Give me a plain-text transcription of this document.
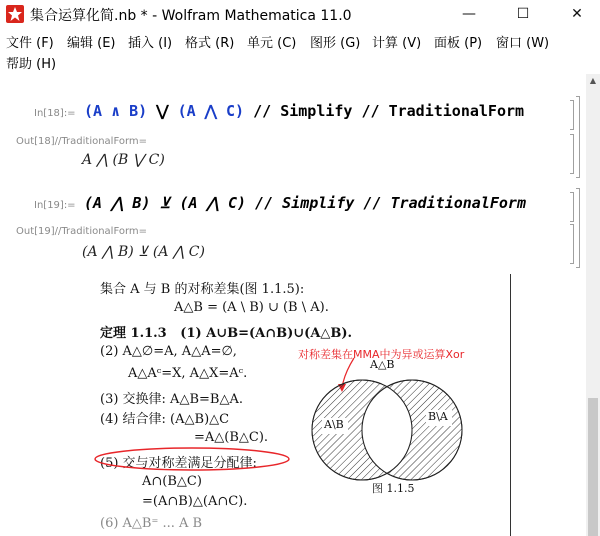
集合运算化简.nb * - Wolfram Mathematica 11.0	—	☐	✕
文件 (F) 编辑 (E) 插入 (I) 格式 (R) 单元 (C) 图形 (G) 计算 (V) 面板 (P) 窗口 (W)
帮助 (H)
In[18]:= (A ∧ B) ⋁ (A ⋀ C) // Simplify // TraditionalForm
Out[18]//TraditionalForm=
A ⋀ (B ⋁ C)
In[19]:= (A ⋀ B) ⊻ (A ⋀ C) // Simplify // TraditionalForm
Out[19]//TraditionalForm=
(A ⋀ B) ⊻ (A ⋀ C)
集合 A 与 B 的对称差集(图 1.1.5):
A△B = (A \ B) ∪ (B \ A).
定理 1.1.3   (1) A∪B=(A∩B)∪(A△B).
(2) A△∅=A, A△A=∅,	对称差集在MMA中为异或运算Xor
A△Aᶜ=X, A△X=Aᶜ.
(3) 交换律: A△B=B△A.
(4) 结合律: (A△B)△C
=A△(B△C).
(5) 交与对称差满足分配律:
A∩(B△C)
=(A∩B)△(A∩C).
(6) A△B⁼ ... A B
A△B
A\B
B\A
图 1.1.5
▲
